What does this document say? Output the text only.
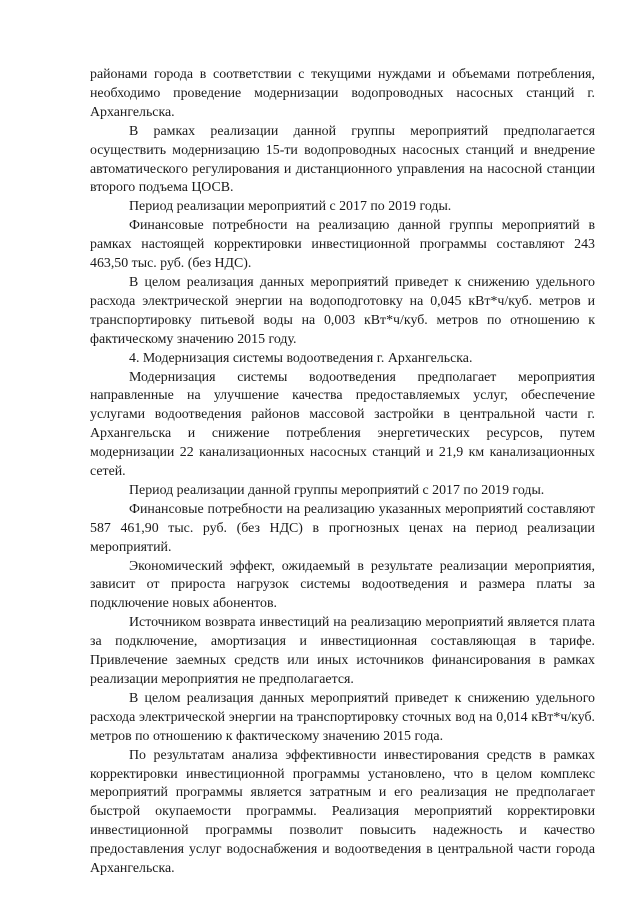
районами города в соответствии с текущими нуждами и объемами потребления, необходимо проведение модернизации водопроводных насосных станций г. Архангельска.

В рамках реализации данной группы мероприятий предполагается осуществить модернизацию 15-ти водопроводных насосных станций и внедрение автоматического регулирования и дистанционного управления на насосной станции второго подъема ЦОСВ.

Период реализации мероприятий с 2017 по 2019 годы.

Финансовые потребности на реализацию данной группы мероприятий в рамках настоящей корректировки инвестиционной программы составляют 243 463,50 тыс. руб. (без НДС).

В целом реализация данных мероприятий приведет к снижению удельного расхода электрической энергии на водоподготовку на 0,045 кВт*ч/куб. метров и транспортировку питьевой воды на 0,003 кВт*ч/куб. метров по отношению к фактическому значению 2015 году.

4. Модернизация системы водоотведения г. Архангельска.

Модернизация системы водоотведения предполагает мероприятия направленные на улучшение качества предоставляемых услуг, обеспечение услугами водоотведения районов массовой застройки в центральной части г. Архангельска и снижение потребления энергетических ресурсов, путем модернизации 22 канализационных насосных станций и 21,9 км канализационных сетей.

Период реализации данной группы мероприятий с 2017 по 2019 годы.

Финансовые потребности на реализацию указанных мероприятий составляют 587 461,90 тыс. руб. (без НДС) в прогнозных ценах на период реализации мероприятий.

Экономический эффект, ожидаемый в результате реализации мероприятия, зависит от прироста нагрузок системы водоотведения и размера платы за подключение новых абонентов.

Источником возврата инвестиций на реализацию мероприятий является плата за подключение, амортизация и инвестиционная составляющая в тарифе. Привлечение заемных средств или иных источников финансирования в рамках реализации мероприятия не предполагается.

В целом реализация данных мероприятий приведет к снижению удельного расхода электрической энергии на транспортировку сточных вод на 0,014 кВт*ч/куб. метров по отношению к фактическому значению 2015 года.

По результатам анализа эффективности инвестирования средств в рамках корректировки инвестиционной программы установлено, что в целом комплекс мероприятий программы является затратным и его реализация не предполагает быстрой окупаемости программы. Реализация мероприятий корректировки инвестиционной программы позволит повысить надежность и качество предоставления услуг водоснабжения и водоотведения в центральной части города Архангельска.
